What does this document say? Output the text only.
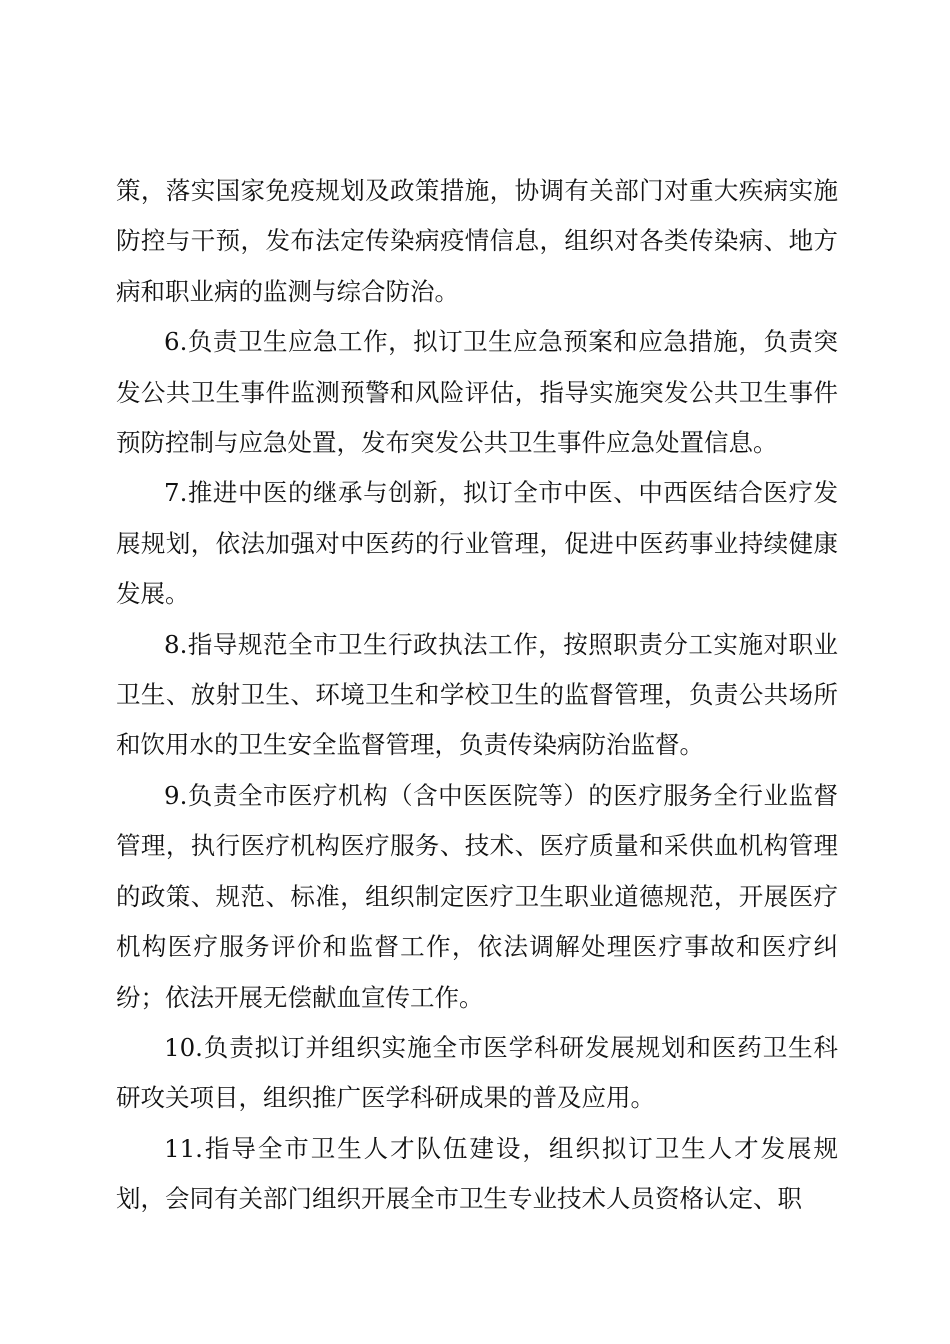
策，落实国家免疫规划及政策措施，协调有关部门对重大疾病实施防控与干预，发布法定传染病疫情信息，组织对各类传染病、地方病和职业病的监测与综合防治。

6.负责卫生应急工作，拟订卫生应急预案和应急措施，负责突发公共卫生事件监测预警和风险评估，指导实施突发公共卫生事件预防控制与应急处置，发布突发公共卫生事件应急处置信息。

7.推进中医的继承与创新，拟订全市中医、中西医结合医疗发展规划，依法加强对中医药的行业管理，促进中医药事业持续健康发展。

8.指导规范全市卫生行政执法工作，按照职责分工实施对职业卫生、放射卫生、环境卫生和学校卫生的监督管理，负责公共场所和饮用水的卫生安全监督管理，负责传染病防治监督。

9.负责全市医疗机构（含中医医院等）的医疗服务全行业监督管理，执行医疗机构医疗服务、技术、医疗质量和采供血机构管理的政策、规范、标准，组织制定医疗卫生职业道德规范，开展医疗机构医疗服务评价和监督工作，依法调解处理医疗事故和医疗纠纷；依法开展无偿献血宣传工作。

10.负责拟订并组织实施全市医学科研发展规划和医药卫生科研攻关项目，组织推广医学科研成果的普及应用。

11.指导全市卫生人才队伍建设，组织拟订卫生人才发展规划，会同有关部门组织开展全市卫生专业技术人员资格认定、职
